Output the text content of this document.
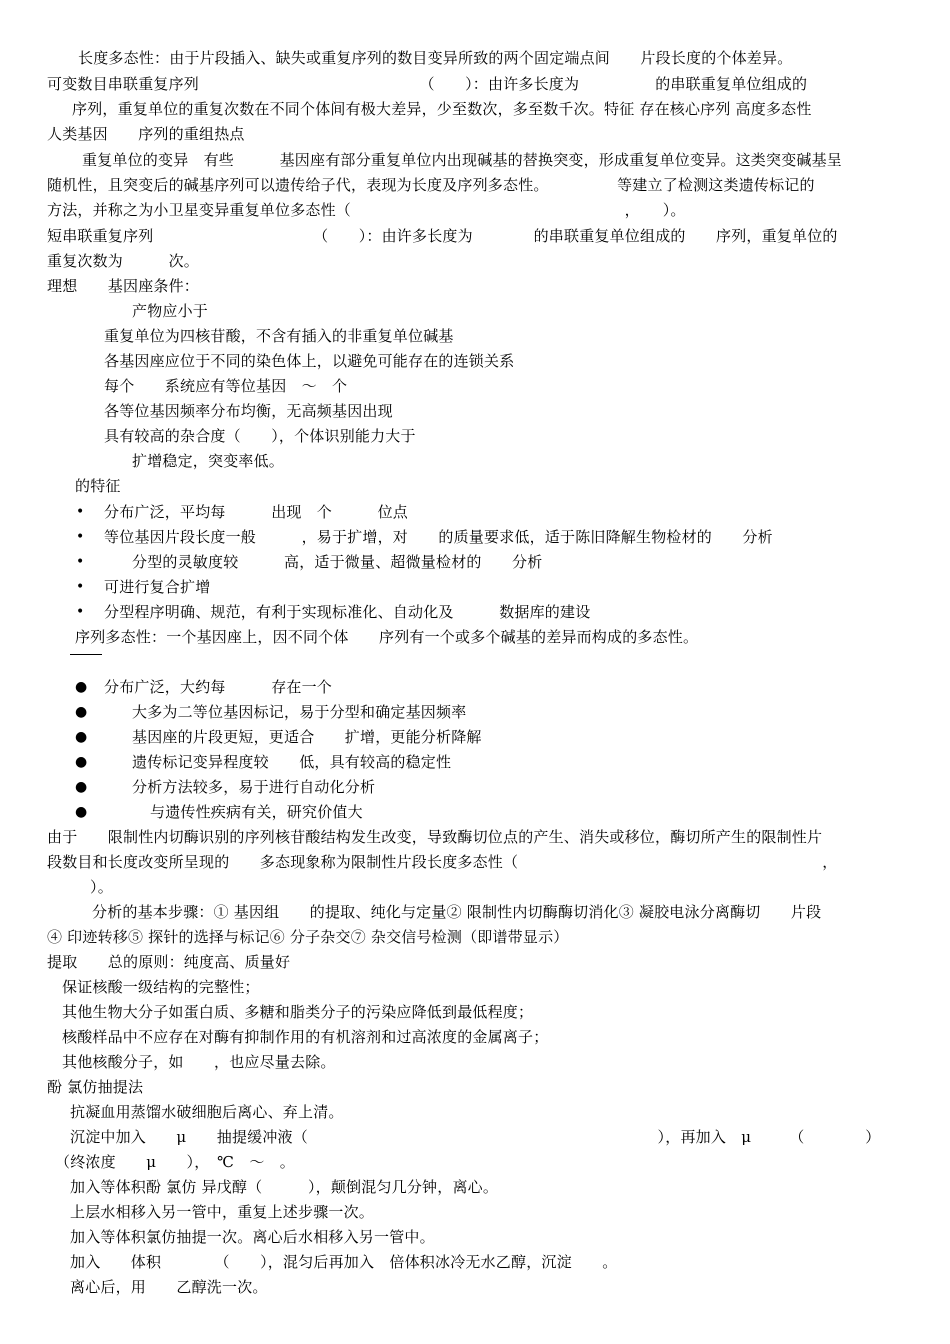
长度多态性：由于片段插入、缺失或重复序列的数目变异所致的两个固定端点间　　片段长度的个体差异。
可变数目串联重复序列　　　　　　　　　　　　　　　（　　）：由许多长度为　　　　　的串联重复单位组成的
序列，重复单位的重复次数在不同个体间有极大差异，少至数次，多至数千次。特征 存在核心序列 高度多态性
人类基因　　序列的重组热点
重复单位的变异　有些　　　基因座有部分重复单位内出现碱基的替换突变，形成重复单位变异。这类突变碱基呈
随机性，且突变后的碱基序列可以遗传给子代，表现为长度及序列多态性。　　　　　等建立了检测这类遗传标记的
方法，并称之为小卫星变异重复单位多态性（　　　　　　　　　　　　　　　　　　，　　）。
短串联重复序列　　　　　　　　　　　（　　）：由许多长度为　　　　的串联重复单位组成的　　序列，重复单位的
重复次数为　　　次。
理想　　基因座条件：
产物应小于
重复单位为四核苷酸，不含有插入的非重复单位碱基
各基因座应位于不同的染色体上，以避免可能存在的连锁关系
每个　　系统应有等位基因　～　个
各等位基因频率分布均衡，无高频基因出现
具有较高的杂合度（　　），个体识别能力大于
扩增稳定，突变率低。
的特征
分布广泛，平均每　　　出现　个　　　位点
等位基因片段长度一般　　　，易于扩增，对　　的质量要求低，适于陈旧降解生物检材的　　分析
分型的灵敏度较　　　高，适于微量、超微量检材的　　分析
可进行复合扩增
分型程序明确、规范，有利于实现标准化、自动化及　　　数据库的建设
序列多态性：一个基因座上，因不同个体　　序列有一个或多个碱基的差异而构成的多态性。
分布广泛，大约每　　　存在一个
大多为二等位基因标记，易于分型和确定基因频率
基因座的片段更短，更适合　　扩增，更能分析降解
遗传标记变异程度较　　低，具有较高的稳定性
分析方法较多，易于进行自动化分析
与遗传性疾病有关，研究价值大
由于　　限制性内切酶识别的序列核苷酸结构发生改变，导致酶切位点的产生、消失或移位，酶切所产生的限制性片
段数目和长度改变所呈现的　　多态现象称为限制性片段长度多态性（　　　　　　　　　　　　　　　　　　　　，
）。
分析的基本步骤：① 基因组　　的提取、纯化与定量② 限制性内切酶酶切消化③ 凝胶电泳分离酶切　　片段
④ 印迹转移⑤ 探针的选择与标记⑥ 分子杂交⑦ 杂交信号检测（即谱带显示）
提取　　总的原则：纯度高、质量好
保证核酸一级结构的完整性；
其他生物大分子如蛋白质、多糖和脂类分子的污染应降低到最低程度；
核酸样品中不应存在对酶有抑制作用的有机溶剂和过高浓度的金属离子；
其他核酸分子，如　　，也应尽量去除。
酚 氯仿抽提法
抗凝血用蒸馏水破细胞后离心、弃上清。
沉淀中加入　　μ　　抽提缓冲液（　　　　　　　　　　　　　　　　　　　　　　　），再加入　μ　　　（　　　　）
（终浓度　　μ　　），　℃　～　。
加入等体积酚 氯仿 异戊醇（　　　），颠倒混匀几分钟，离心。
上层水相移入另一管中，重复上述步骤一次。
加入等体积氯仿抽提一次。离心后水相移入另一管中。
加入　　体积　　　　（　　），混匀后再加入　倍体积冰冷无水乙醇，沉淀　　。
离心后，用　　乙醇洗一次。
•
•
•
•
•
●
●
●
●
●
●
